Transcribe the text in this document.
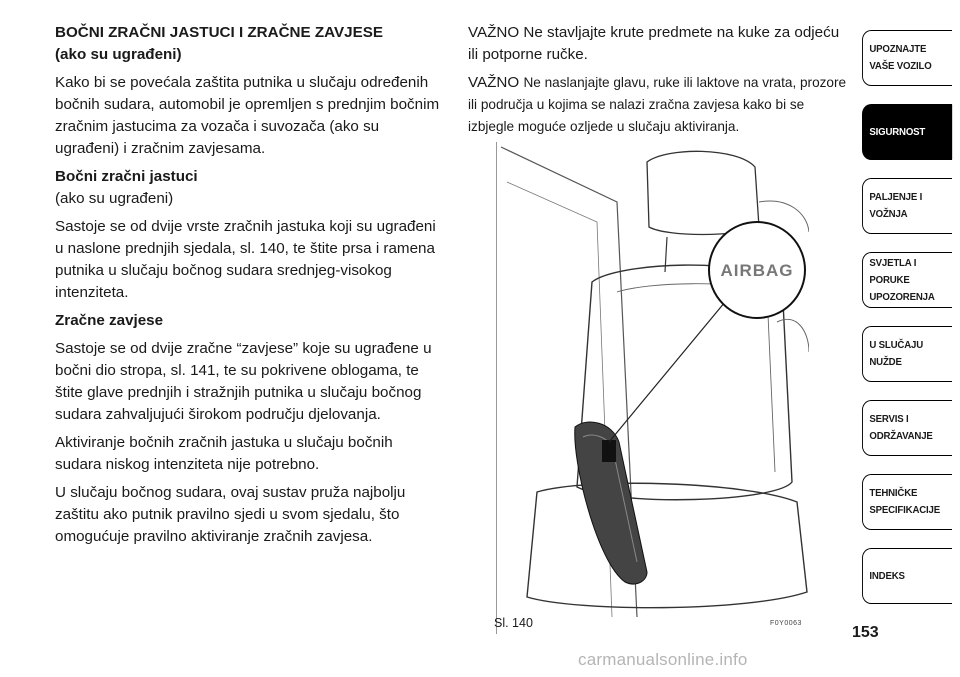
BOČNI ZRAČNI JASTUCI I ZRAČNE ZAVJESE
(ako su ugrađeni)

Kako bi se povećala zaštita putnika u slučaju određenih bočnih sudara, automobil je opremljen s prednjim bočnim zračnim jastucima za vozača i suvozača (ako su ugrađeni) i zračnim zavjesama.

Bočni zračni jastuci

(ako su ugrađeni)

Sastoje se od dvije vrste zračnih jastuka koji su ugrađeni u naslone prednjih sjedala, sl. 140, te štite prsa i ramena putnika u slučaju bočnog sudara srednjeg-visokog intenziteta.

Zračne zavjese

Sastoje se od dvije zračne “zavjese” koje su ugrađene u bočni dio stropa, sl. 141, te su pokrivene oblogama, te štite glave prednjih i stražnjih putnika u slučaju bočnog sudara zahvaljujući širokom području djelovanja.

Aktiviranje bočnih zračnih jastuka u slučaju bočnih sudara niskog intenziteta nije potrebno.

U slučaju bočnog sudara, ovaj sustav pruža najbolju zaštitu ako putnik pravilno sjedi u svom sjedalu, što omogućuje pravilno aktiviranje zračnih zavjesa.

VAŽNO Ne stavljajte krute predmete na kuke za odjeću ili potporne ručke.

VAŽNO Ne naslanjajte glavu, ruke ili laktove na vrata, prozore ili područja u kojima se nalazi zračna zavjesa kako bi se izbjegle moguće ozljede u slučaju aktiviranja.

AIRBAG
Sl. 140	F0Y0063
UPOZNAJTE
VAŠE VOZILO
SIGURNOST
PALJENJE I
VOŽNJA
SVJETLA I PORUKE
UPOZORENJA
U SLUČAJU
NUŽDE
SERVIS I
ODRŽAVANJE
TEHNIČKE
SPECIFIKACIJE
INDEKS
153
carmanualsonline.info
